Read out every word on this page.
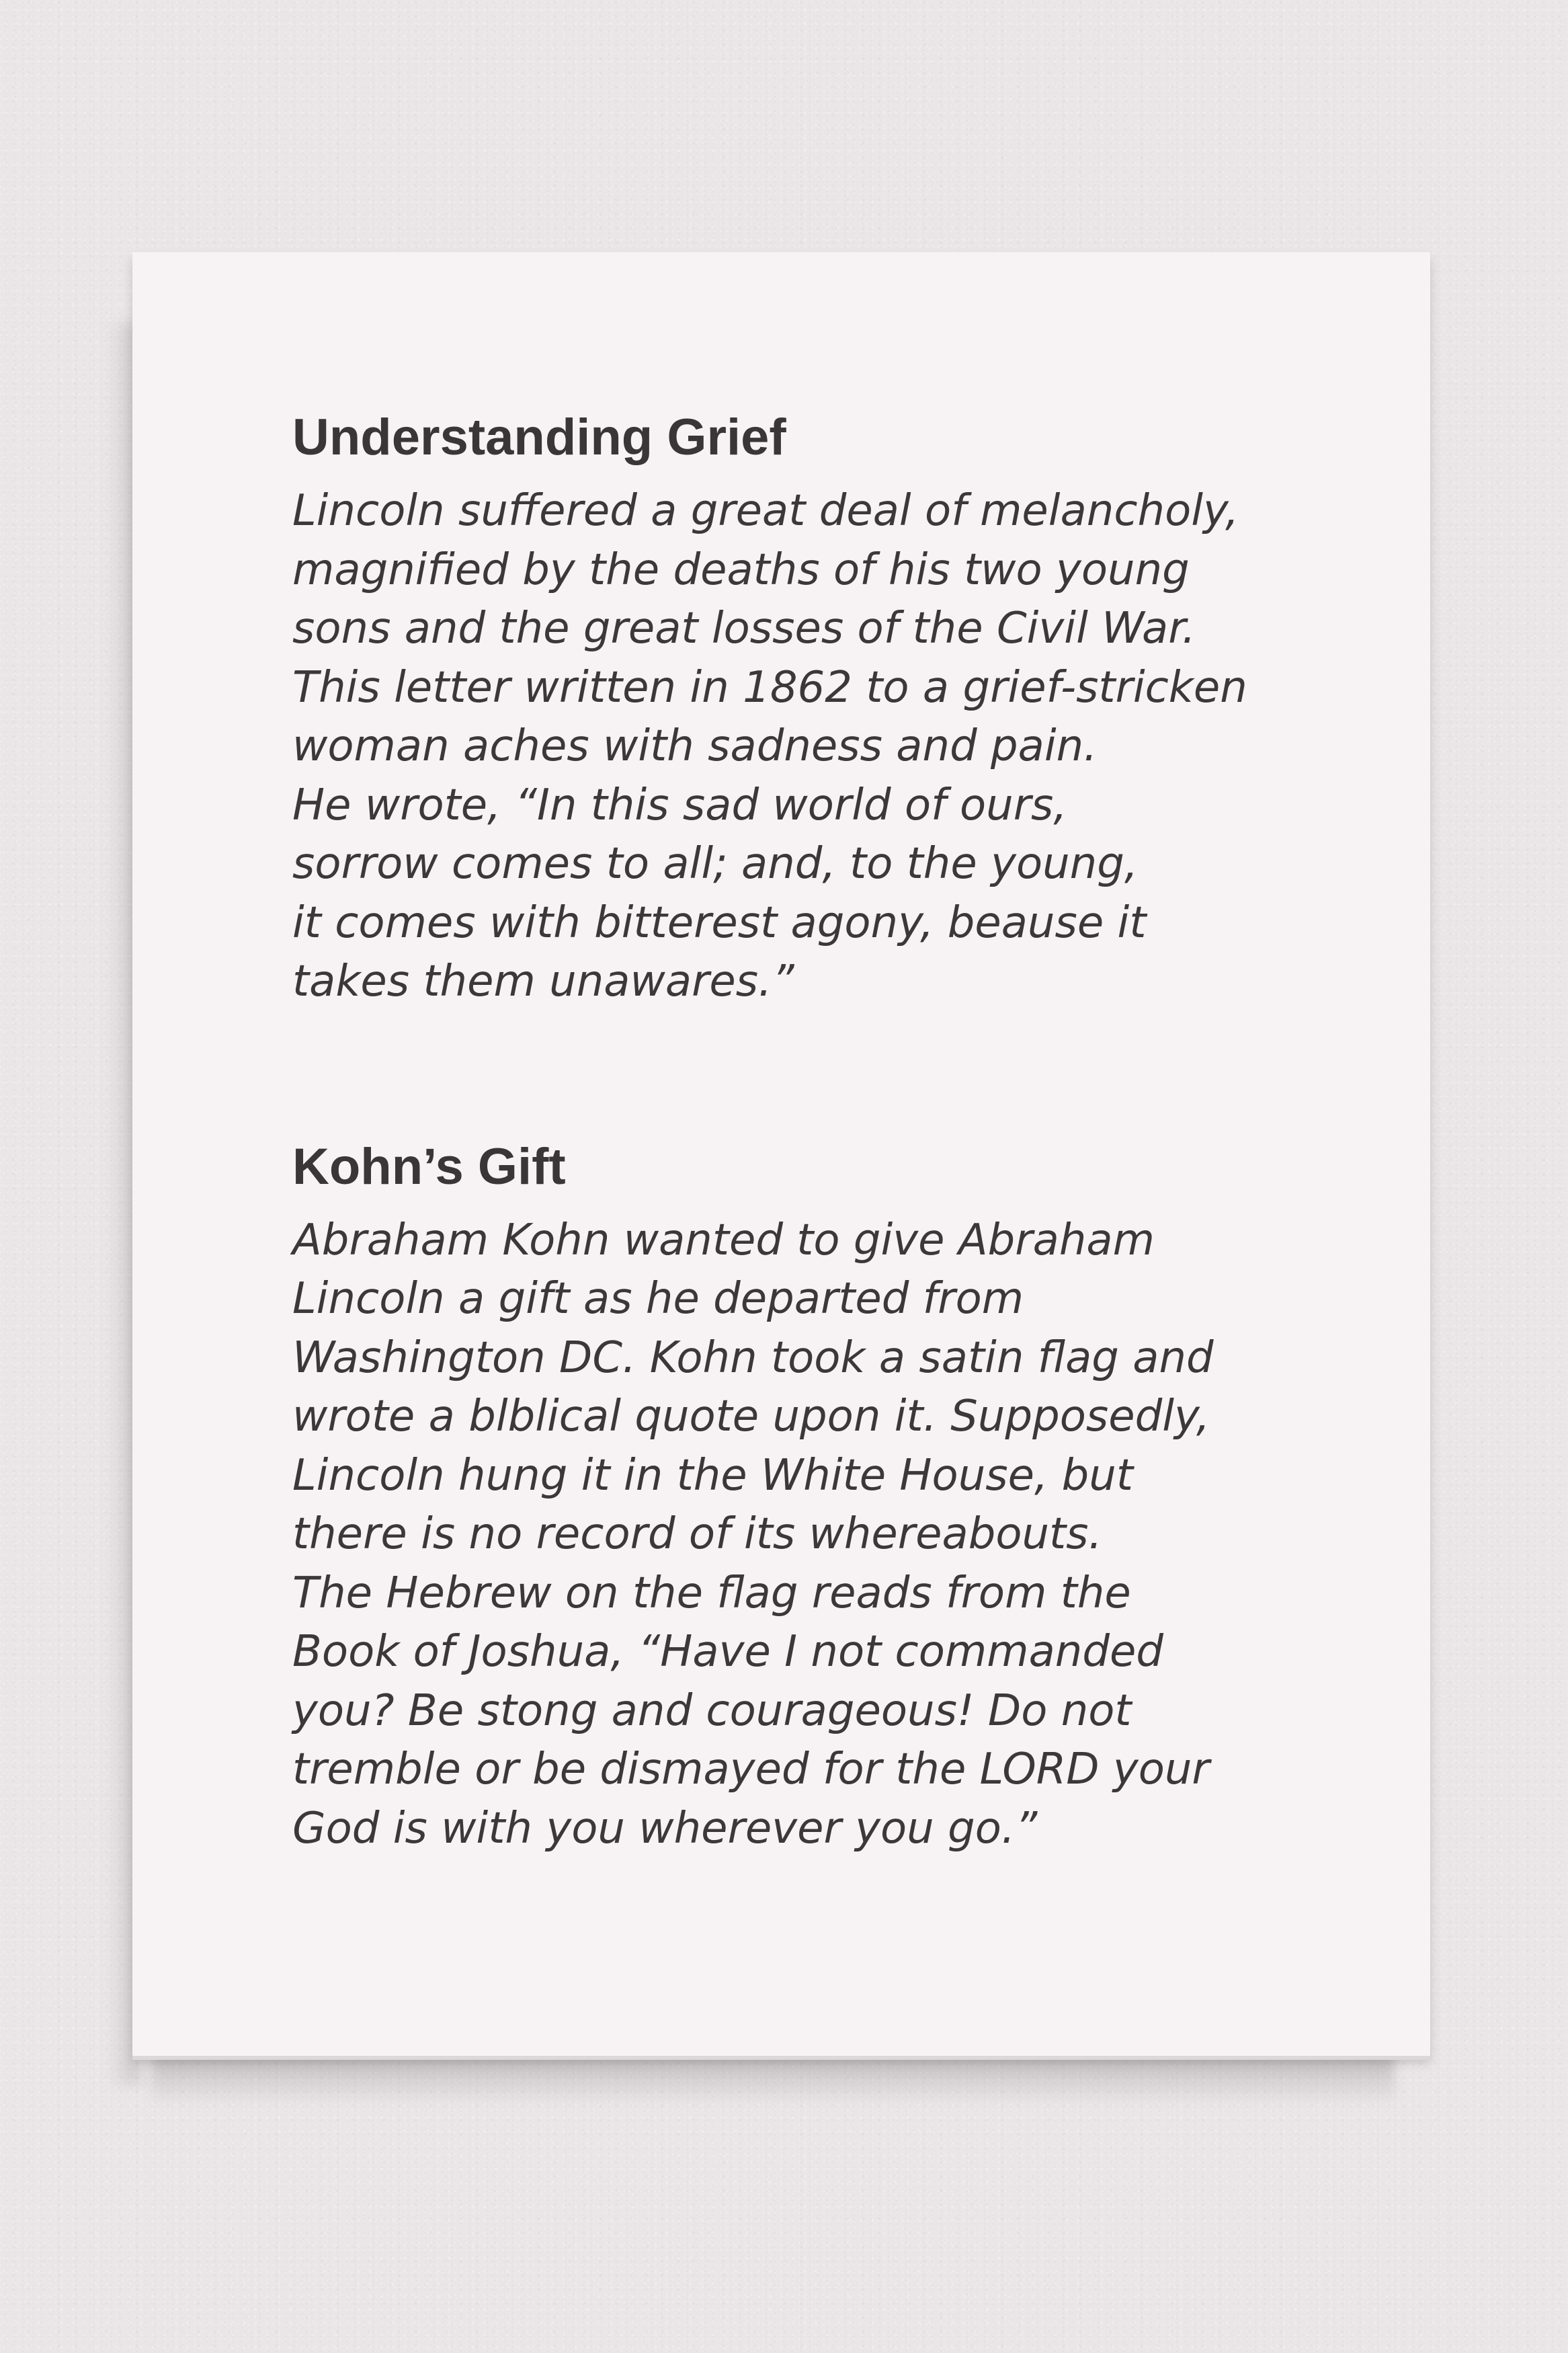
Understanding Grief
Lincoln suffered a great deal of melancholy,
magnified by the deaths of his two young
sons and the great losses of the Civil War.
This letter written in 1862 to a grief-stricken
woman aches with sadness and pain.
He wrote, “In this sad world of ours,
sorrow comes to all; and, to the young,
it comes with bitterest agony, beause it
takes them unawares.”
Kohn’s Gift
Abraham Kohn wanted to give Abraham
Lincoln a gift as he departed from
Washington DC. Kohn took a satin flag and
wrote a blblical quote upon it. Supposedly,
Lincoln hung it in the White House, but
there is no record of its whereabouts.
The Hebrew on the flag reads from the
Book of Joshua, “Have I not commanded
you? Be stong and courageous! Do not
tremble or be dismayed for the LORD your
God is with you wherever you go.”
